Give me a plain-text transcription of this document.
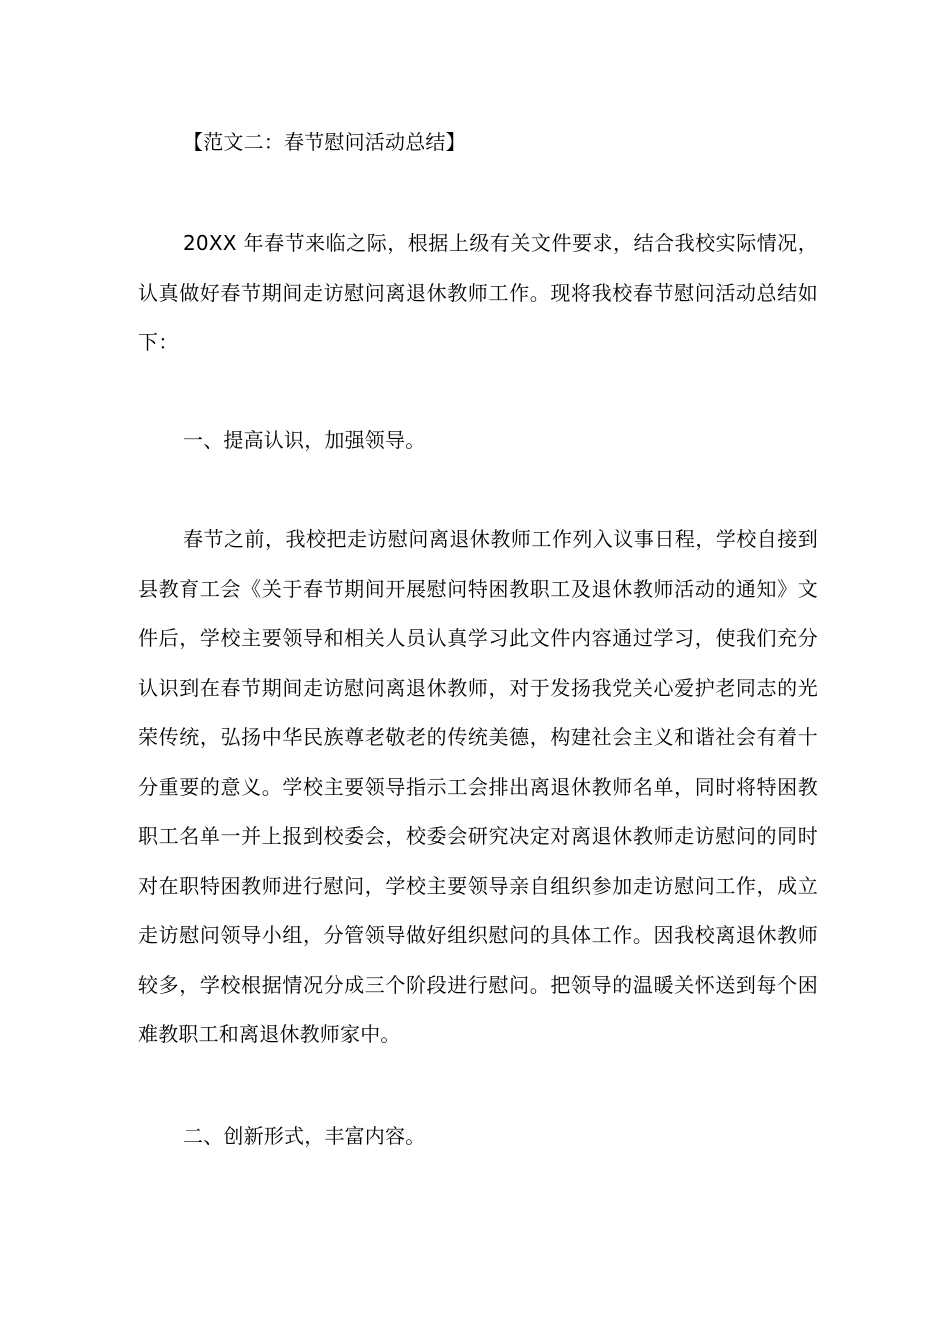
【范文二：春节慰问活动总结】
20XX 年春节来临之际，根据上级有关文件要求，结合我校实际情况，
认真做好春节期间走访慰问离退休教师工作。现将我校春节慰问活动总结如
下：
一、提高认识，加强领导。
春节之前，我校把走访慰问离退休教师工作列入议事日程，学校自接到
县教育工会《关于春节期间开展慰问特困教职工及退休教师活动的通知》文
件后，学校主要领导和相关人员认真学习此文件内容通过学习，使我们充分
认识到在春节期间走访慰问离退休教师，对于发扬我党关心爱护老同志的光
荣传统，弘扬中华民族尊老敬老的传统美德，构建社会主义和谐社会有着十
分重要的意义。学校主要领导指示工会排出离退休教师名单，同时将特困教
职工名单一并上报到校委会，校委会研究决定对离退休教师走访慰问的同时
对在职特困教师进行慰问，学校主要领导亲自组织参加走访慰问工作，成立
走访慰问领导小组，分管领导做好组织慰问的具体工作。因我校离退休教师
较多，学校根据情况分成三个阶段进行慰问。把领导的温暖关怀送到每个困
难教职工和离退休教师家中。
二、创新形式，丰富内容。
